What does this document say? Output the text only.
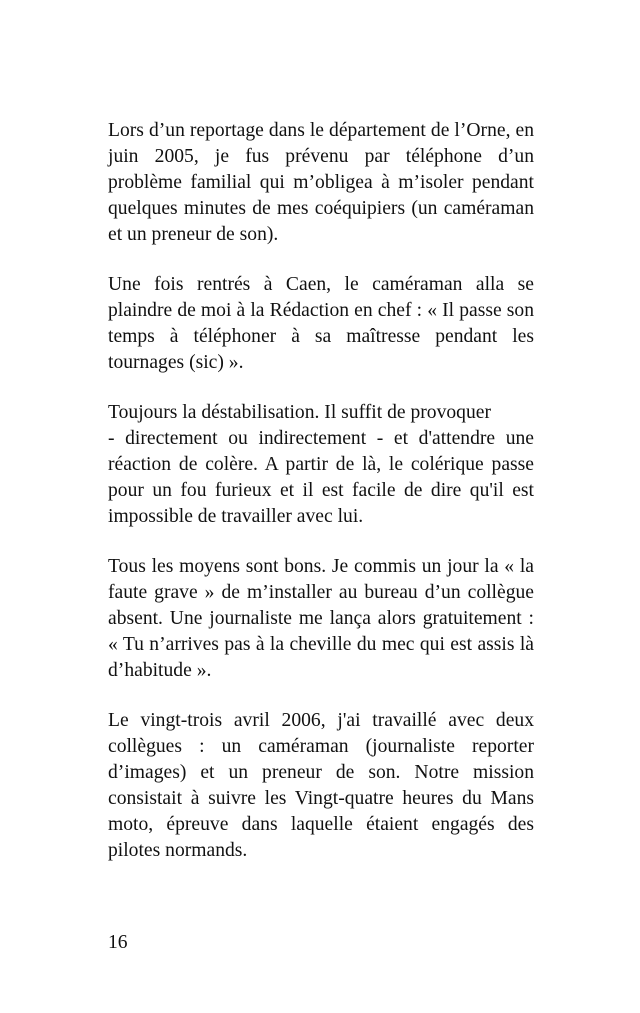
Lors d’un reportage dans le département de l’Orne, en juin 2005, je fus prévenu par téléphone d’un problème familial qui m’obligea à m’isoler pendant quelques minutes de mes coéquipiers (un caméraman et un preneur de son).

Une fois rentrés à Caen, le caméraman alla se plaindre de moi à la Rédaction en chef : « Il passe son temps à téléphoner à sa maîtresse pendant les tournages (sic) ».

Toujours la déstabilisation. Il suffit de provoquer

- directement ou indirectement - et d'attendre une réaction de colère. A partir de là, le colérique passe pour un fou furieux et il est facile de dire qu'il est impossible de travailler avec lui.

Tous les moyens sont bons. Je commis un jour la « la faute grave » de m’installer au bureau d’un collègue absent. Une journaliste me lança alors gratuitement : « Tu n’arrives pas à la cheville du mec qui est assis là d’habitude ».

Le vingt-trois avril 2006, j'ai travaillé avec deux collègues : un caméraman (journaliste reporter d’images) et un preneur de son. Notre mission consistait à suivre les Vingt-quatre heures du Mans moto, épreuve dans laquelle étaient engagés des pilotes normands.

16
